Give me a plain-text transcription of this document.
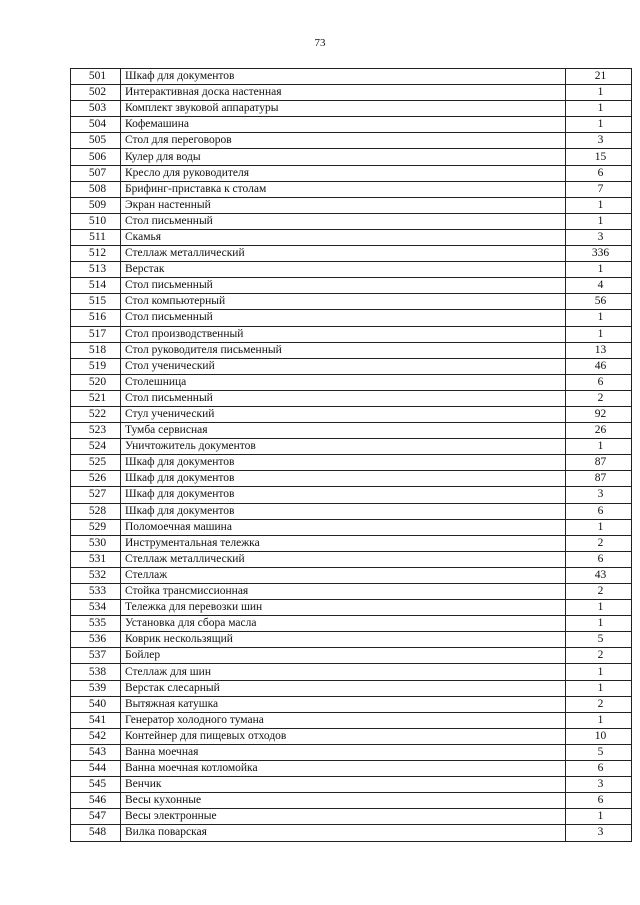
73
501	Шкаф для документов	21
502	Интерактивная доска настенная	1
503	Комплект звуковой аппаратуры	1
504	Кофемашина	1
505	Стол для переговоров	3
506	Кулер для воды	15
507	Кресло для руководителя	6
508	Брифинг-приставка к столам	7
509	Экран настенный	1
510	Стол письменный	1
511	Скамья	3
512	Стеллаж металлический	336
513	Верстак	1
514	Стол письменный	4
515	Стол компьютерный	56
516	Стол письменный	1
517	Стол производственный	1
518	Стол руководителя письменный	13
519	Стол ученический	46
520	Столешница	6
521	Стол письменный	2
522	Стул ученический	92
523	Тумба сервисная	26
524	Уничтожитель документов	1
525	Шкаф для документов	87
526	Шкаф для документов	87
527	Шкаф для документов	3
528	Шкаф для документов	6
529	Поломоечная машина	1
530	Инструментальная тележка	2
531	Стеллаж металлический	6
532	Стеллаж	43
533	Стойка трансмиссионная	2
534	Тележка для перевозки шин	1
535	Установка для сбора масла	1
536	Коврик нескользящий	5
537	Бойлер	2
538	Стеллаж для шин	1
539	Верстак слесарный	1
540	Вытяжная катушка	2
541	Генератор холодного тумана	1
542	Контейнер для пищевых отходов	10
543	Ванна моечная	5
544	Ванна моечная котломойка	6
545	Венчик	3
546	Весы кухонные	6
547	Весы электронные	1
548	Вилка поварская	3
